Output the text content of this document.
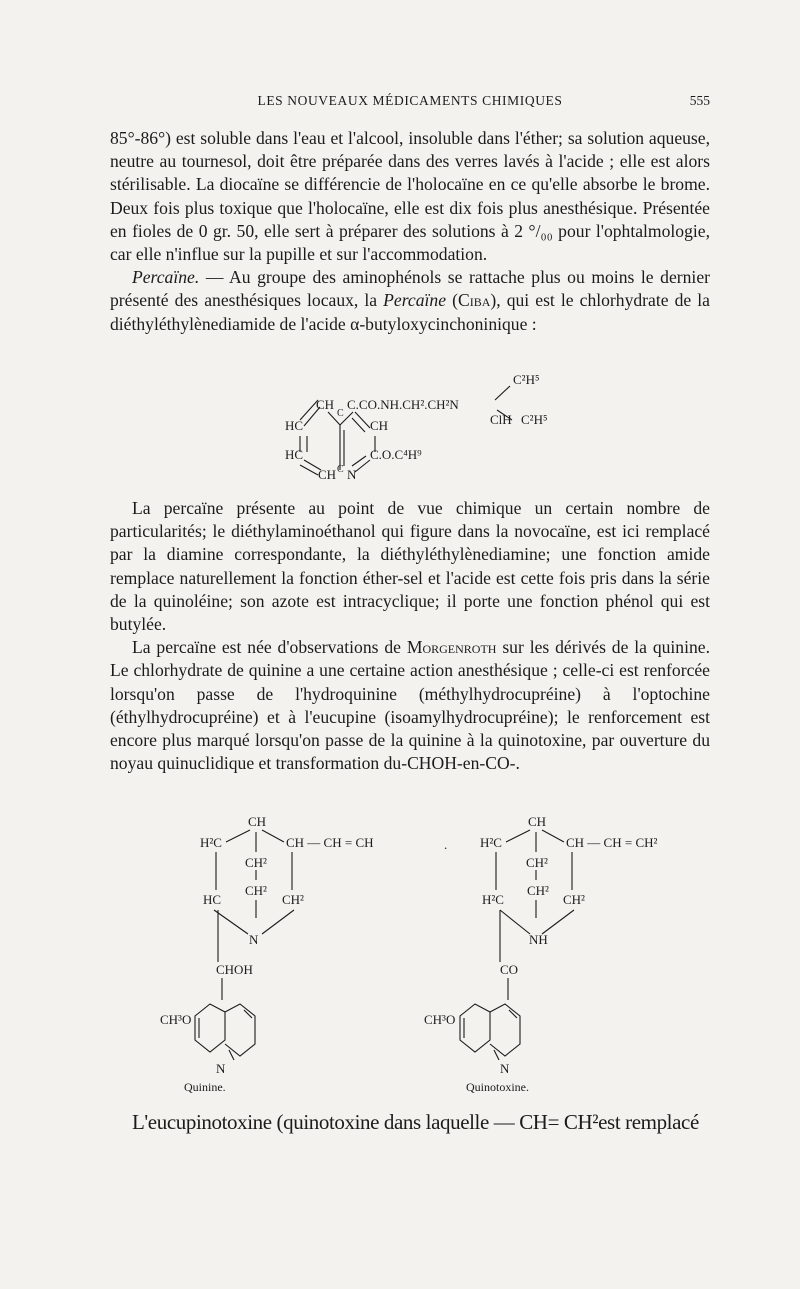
LES NOUVEAUX MÉDICAMENTS CHIMIQUES	555

85°-86°) est soluble dans l'eau et l'alcool, insoluble dans l'éther; sa solution aqueuse, neutre au tournesol, doit être préparée dans des verres lavés à l'acide ; elle est alors stérilisable. La diocaïne se différencie de l'holocaïne en ce qu'elle absorbe le brome. Deux fois plus toxique que l'holocaïne, elle est dix fois plus anesthésique. Présentée en fioles de 0 gr. 50, elle sert à préparer des solutions à 2 °/₀₀ pour l'ophtalmologie, car elle n'influe sur la pupille et sur l'accommodation.

Percaïne. — Au groupe des aminophénols se rattache plus ou moins le dernier présenté des anesthésiques locaux, la Percaïne (Ciba), qui est le chlorhydrate de la diéthyléthylènediamide de l'acide α-butyloxycinchoninique :

C²H⁵
CH
C
C.CO.NH.CH².CH²N
ClH C²H⁵
HC	CH
HC	C.O.C⁴H⁹
CH C N

La percaïne présente au point de vue chimique un certain nombre de particularités; le diéthylaminoéthanol qui figure dans la novocaïne, est ici remplacé par la diamine correspondante, la diéthyléthylènediamine; une fonction amide remplace naturellement la fonction éther-sel et l'acide est cette fois pris dans la série de la quinoléine; son azote est intracyclique; il porte une fonction phénol qui est butylée.

La percaïne est née d'observations de Morgenroth sur les dérivés de la quinine. Le chlorhydrate de quinine a une certaine action anesthésique ; celle-ci est renforcée lorsqu'on passe de l'hydroquinine (méthylhydrocupréine) à l'optochine (éthylhydrocupréine) et à l'eucupine (isoamylhydrocupréine); le renforcement est encore plus marqué lorsqu'on passe de la quinine à la quinotoxine, par ouverture du noyau quinuclidique et transformation du-CHOH-en-CO-.

CH
H²C	CH — CH = CH
CH²
HC
CH²
CH²
N
CHOH
CH³O
N
Quinine.
CH
H²C	CH — CH = CH²
CH²
H²C
CH²
CH²
NH
CO
CH³O
N
Quinotoxine.
.
L'eucupinotoxine (quinotoxine dans laquelle — CH= CH²est remplacé
